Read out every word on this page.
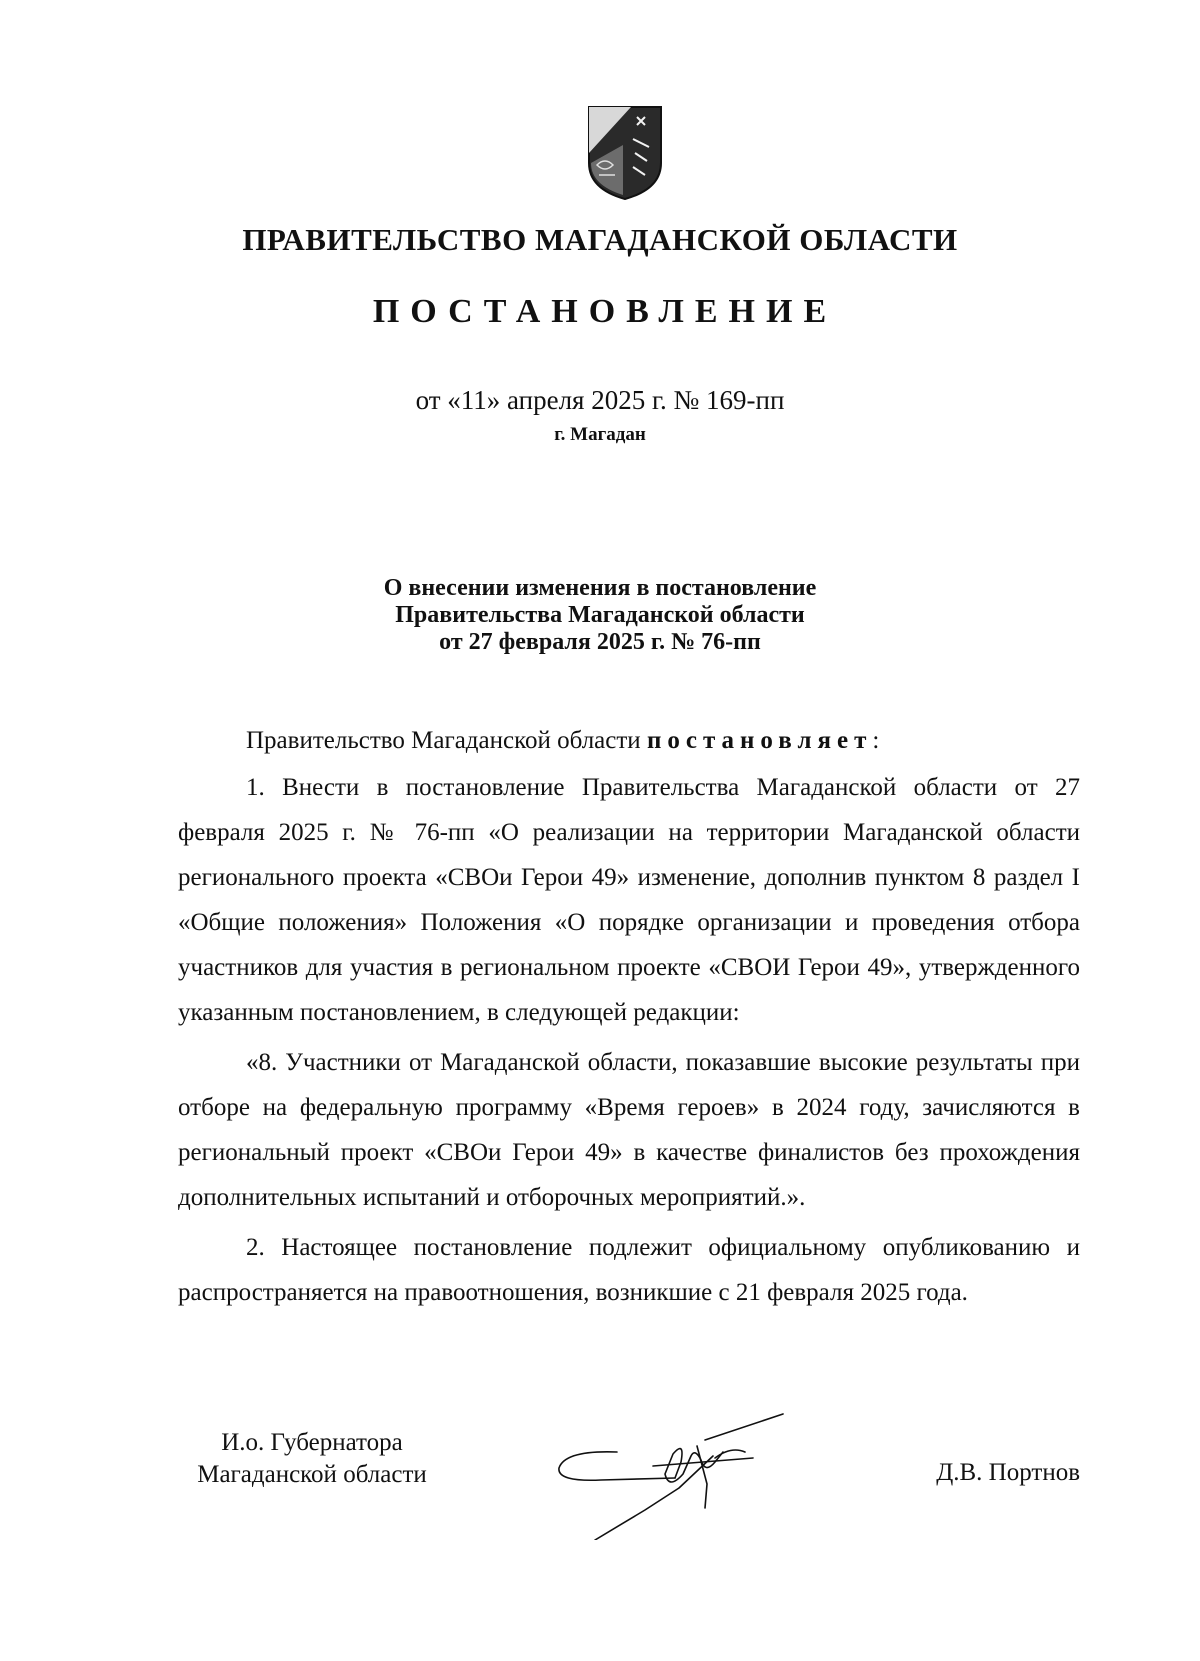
ПРАВИТЕЛЬСТВО МАГАДАНСКОЙ ОБЛАСТИ
ПОСТАНОВЛЕНИЕ
от «11» апреля 2025 г. № 169-пп
г. Магадан
О внесении изменения в постановление
Правительства Магаданской области
от 27 февраля 2025 г. № 76-пп

Правительство Магаданской области постановляет:

1. Внести в постановление Правительства Магаданской области от 27 февраля 2025 г. № 76-пп «О реализации на территории Магаданской области регионального проекта «СВОи Герои 49» изменение, дополнив пунктом 8 раздел I «Общие положения» Положения «О порядке организации и проведения отбора участников для участия в региональном проекте «СВОИ Герои 49», утвержденного указанным постановлением, в следующей редакции:

«8. Участники от Магаданской области, показавшие высокие результаты при отборе на федеральную программу «Время героев» в 2024 году, зачисляются в региональный проект «СВОи Герои 49» в качестве финалистов без прохождения дополнительных испытаний и отборочных мероприятий.».

2. Настоящее постановление подлежит официальному опубликованию и распространяется на правоотношения, возникшие с 21 февраля 2025 года.

И.о. Губернатора
Магаданской области	Д.В. Портнов
